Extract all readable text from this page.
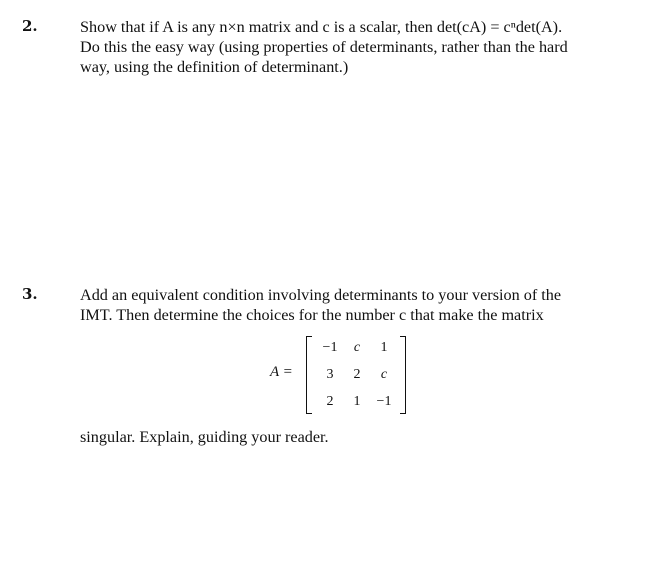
2.	Show that if A is any n×n matrix and c is a scalar, then det(cA) = cⁿdet(A).
Do this the easy way (using properties of determinants, rather than the hard
way, using the definition of determinant.)
3.	Add an equivalent condition involving determinants to your version of the
IMT. Then determine the choices for the number c that make the matrix
A =
−1	c	1
3	2	c
2	1	−1
singular. Explain, guiding your reader.
